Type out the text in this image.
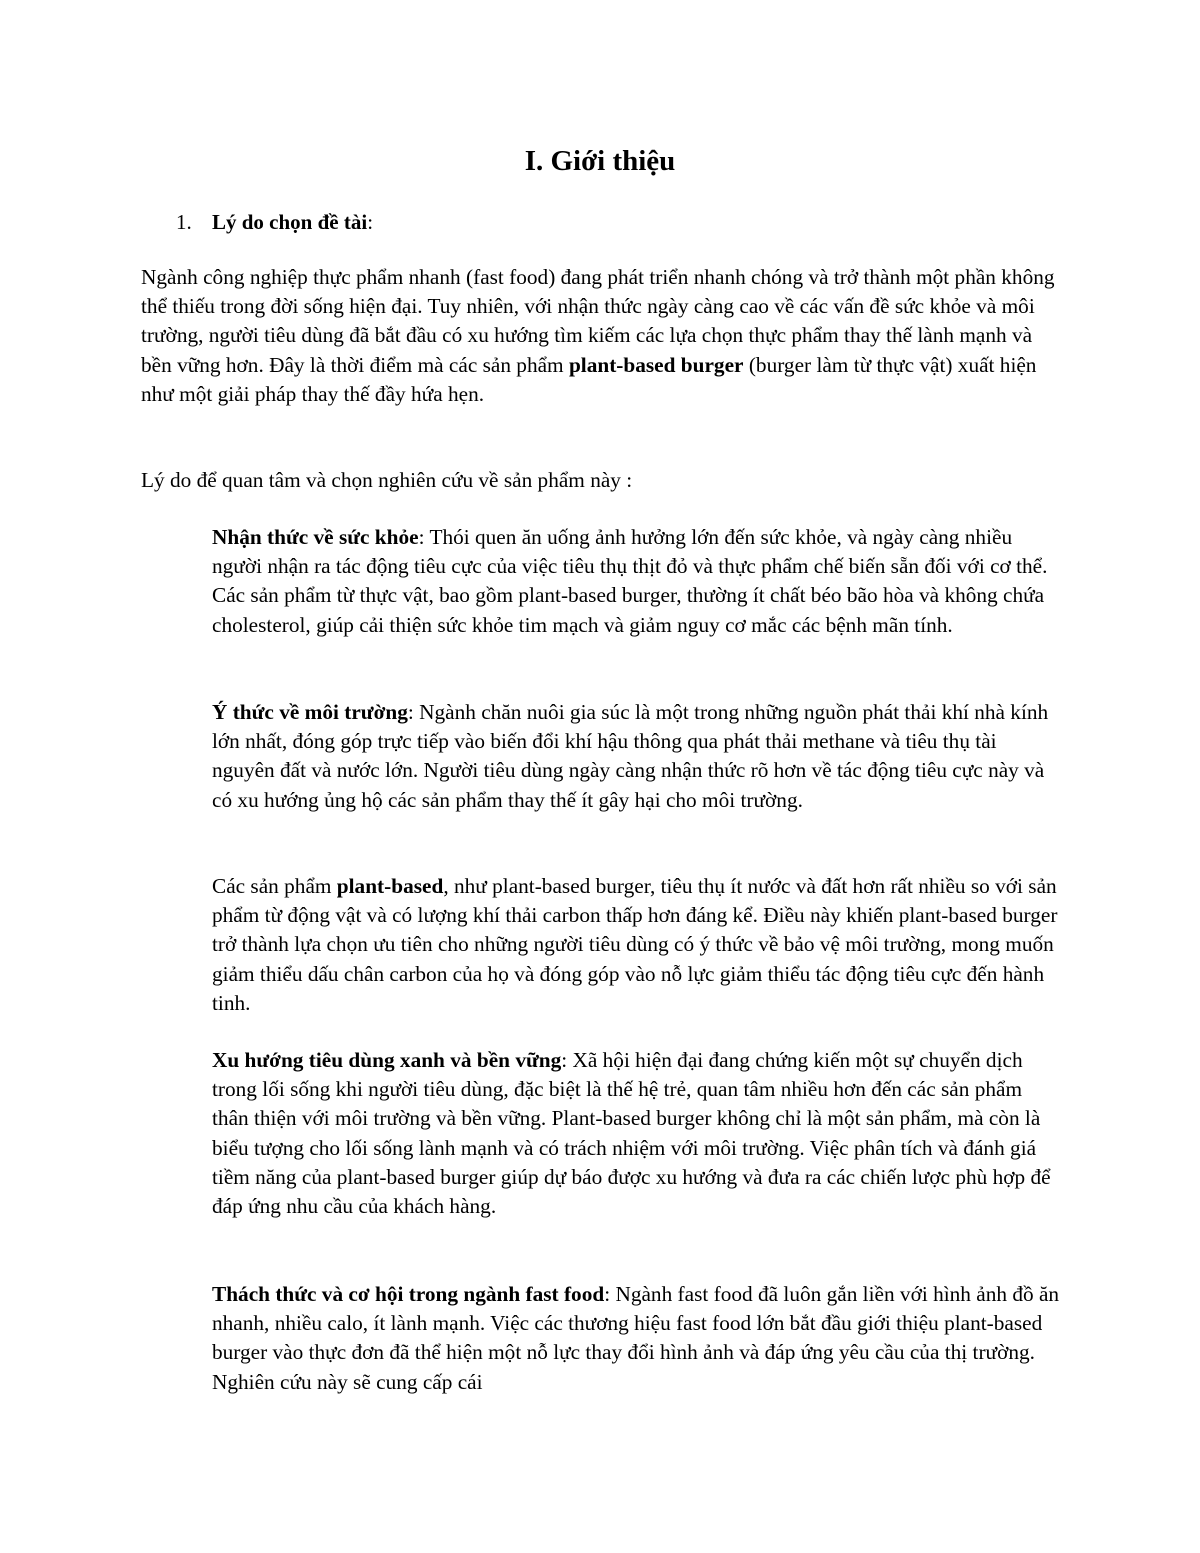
I. Giới thiệu

1. Lý do chọn đề tài:

Ngành công nghiệp thực phẩm nhanh (fast food) đang phát triển nhanh chóng và trở thành một phần không thể thiếu trong đời sống hiện đại. Tuy nhiên, với nhận thức ngày càng cao về các vấn đề sức khỏe và môi trường, người tiêu dùng đã bắt đầu có xu hướng tìm kiếm các lựa chọn thực phẩm thay thế lành mạnh và bền vững hơn. Đây là thời điểm mà các sản phẩm plant-based burger (burger làm từ thực vật) xuất hiện như một giải pháp thay thế đầy hứa hẹn.

Lý do để quan tâm và chọn nghiên cứu về sản phẩm này :

Nhận thức về sức khỏe: Thói quen ăn uống ảnh hưởng lớn đến sức khỏe, và ngày càng nhiều người nhận ra tác động tiêu cực của việc tiêu thụ thịt đỏ và thực phẩm chế biến sẵn đối với cơ thể. Các sản phẩm từ thực vật, bao gồm plant-based burger, thường ít chất béo bão hòa và không chứa cholesterol, giúp cải thiện sức khỏe tim mạch và giảm nguy cơ mắc các bệnh mãn tính.

Ý thức về môi trường: Ngành chăn nuôi gia súc là một trong những nguồn phát thải khí nhà kính lớn nhất, đóng góp trực tiếp vào biến đổi khí hậu thông qua phát thải methane và tiêu thụ tài nguyên đất và nước lớn. Người tiêu dùng ngày càng nhận thức rõ hơn về tác động tiêu cực này và có xu hướng ủng hộ các sản phẩm thay thế ít gây hại cho môi trường.

Các sản phẩm plant-based, như plant-based burger, tiêu thụ ít nước và đất hơn rất nhiều so với sản phẩm từ động vật và có lượng khí thải carbon thấp hơn đáng kể. Điều này khiến plant-based burger trở thành lựa chọn ưu tiên cho những người tiêu dùng có ý thức về bảo vệ môi trường, mong muốn giảm thiểu dấu chân carbon của họ và đóng góp vào nỗ lực giảm thiểu tác động tiêu cực đến hành tinh.

Xu hướng tiêu dùng xanh và bền vững: Xã hội hiện đại đang chứng kiến một sự chuyển dịch trong lối sống khi người tiêu dùng, đặc biệt là thế hệ trẻ, quan tâm nhiều hơn đến các sản phẩm thân thiện với môi trường và bền vững. Plant-based burger không chỉ là một sản phẩm, mà còn là biểu tượng cho lối sống lành mạnh và có trách nhiệm với môi trường. Việc phân tích và đánh giá tiềm năng của plant-based burger giúp dự báo được xu hướng và đưa ra các chiến lược phù hợp để đáp ứng nhu cầu của khách hàng.

Thách thức và cơ hội trong ngành fast food: Ngành fast food đã luôn gắn liền với hình ảnh đồ ăn nhanh, nhiều calo, ít lành mạnh. Việc các thương hiệu fast food lớn bắt đầu giới thiệu plant-based burger vào thực đơn đã thể hiện một nỗ lực thay đổi hình ảnh và đáp ứng yêu cầu của thị trường. Nghiên cứu này sẽ cung cấp cái
